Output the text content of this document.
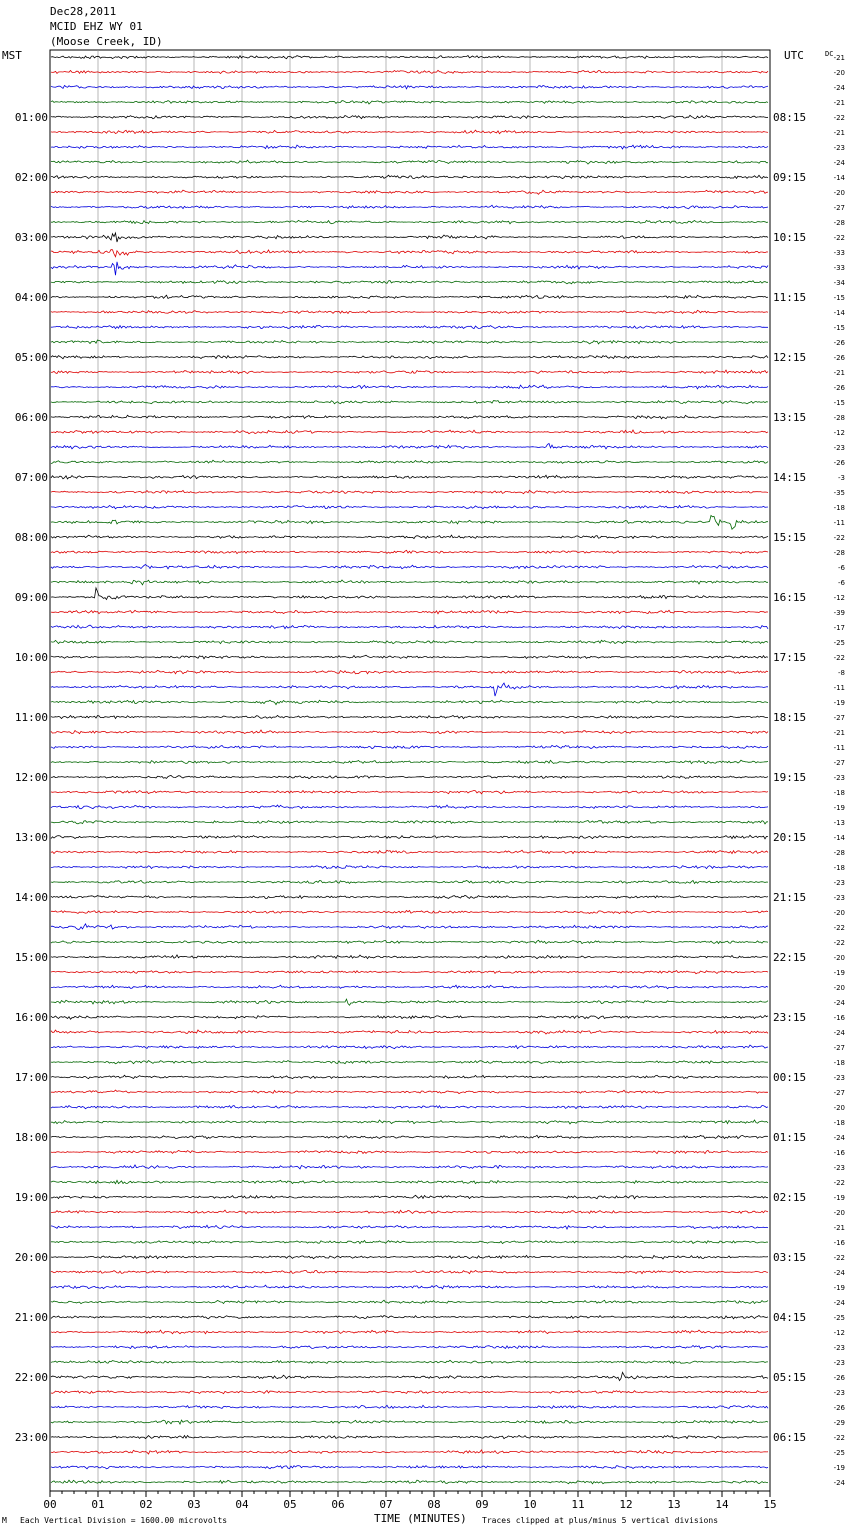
00	01	02	03	04	05	06	07	08	09	10	11	12	13	14	15
-21
-20
-24
-21
-22
-21
-23
-24
-14
-20
-27
-28
-22
-33
-33
-34
-15
-14
-15
-26
-26
-21
-26
-15
-28
-12
-23
-26
-3
-35
-18
-11
-22
-28
-6
-6
-12
-39
-17
-25
-22
-8
-11
-19
-27
-21
-11
-27
-23
-18
-19
-13
-14
-28
-18
-23
-23
-20
-22
-22
-20
-19
-20
-24
-16
-24
-27
-18
-23
-27
-20
-18
-24
-16
-23
-22
-19
-20
-21
-16
-22
-24
-19
-24
-25
-12
-23
-23
-26
-23
-26
-29
-22
-25
-19
-24
01:00
02:00
03:00
04:00
05:00
06:00
07:00
08:00
09:00
10:00
11:00
12:00
13:00
14:00
15:00
16:00
17:00
18:00
19:00
20:00
21:00
22:00
23:00
08:15
09:15
10:15
11:15
12:15
13:15
14:15
15:15
16:15
17:15
18:15
19:15
20:15
21:15
22:15
23:15
00:15
01:15
02:15
03:15
04:15
05:15
06:15
Dec28,2011
MCID EHZ WY 01
(Moose Creek, ID)
MST	UTC	DC
M Each Vertical Division = 1600.00 microvolts	TIME (MINUTES) Traces clipped at plus/minus 5 vertical divisions
